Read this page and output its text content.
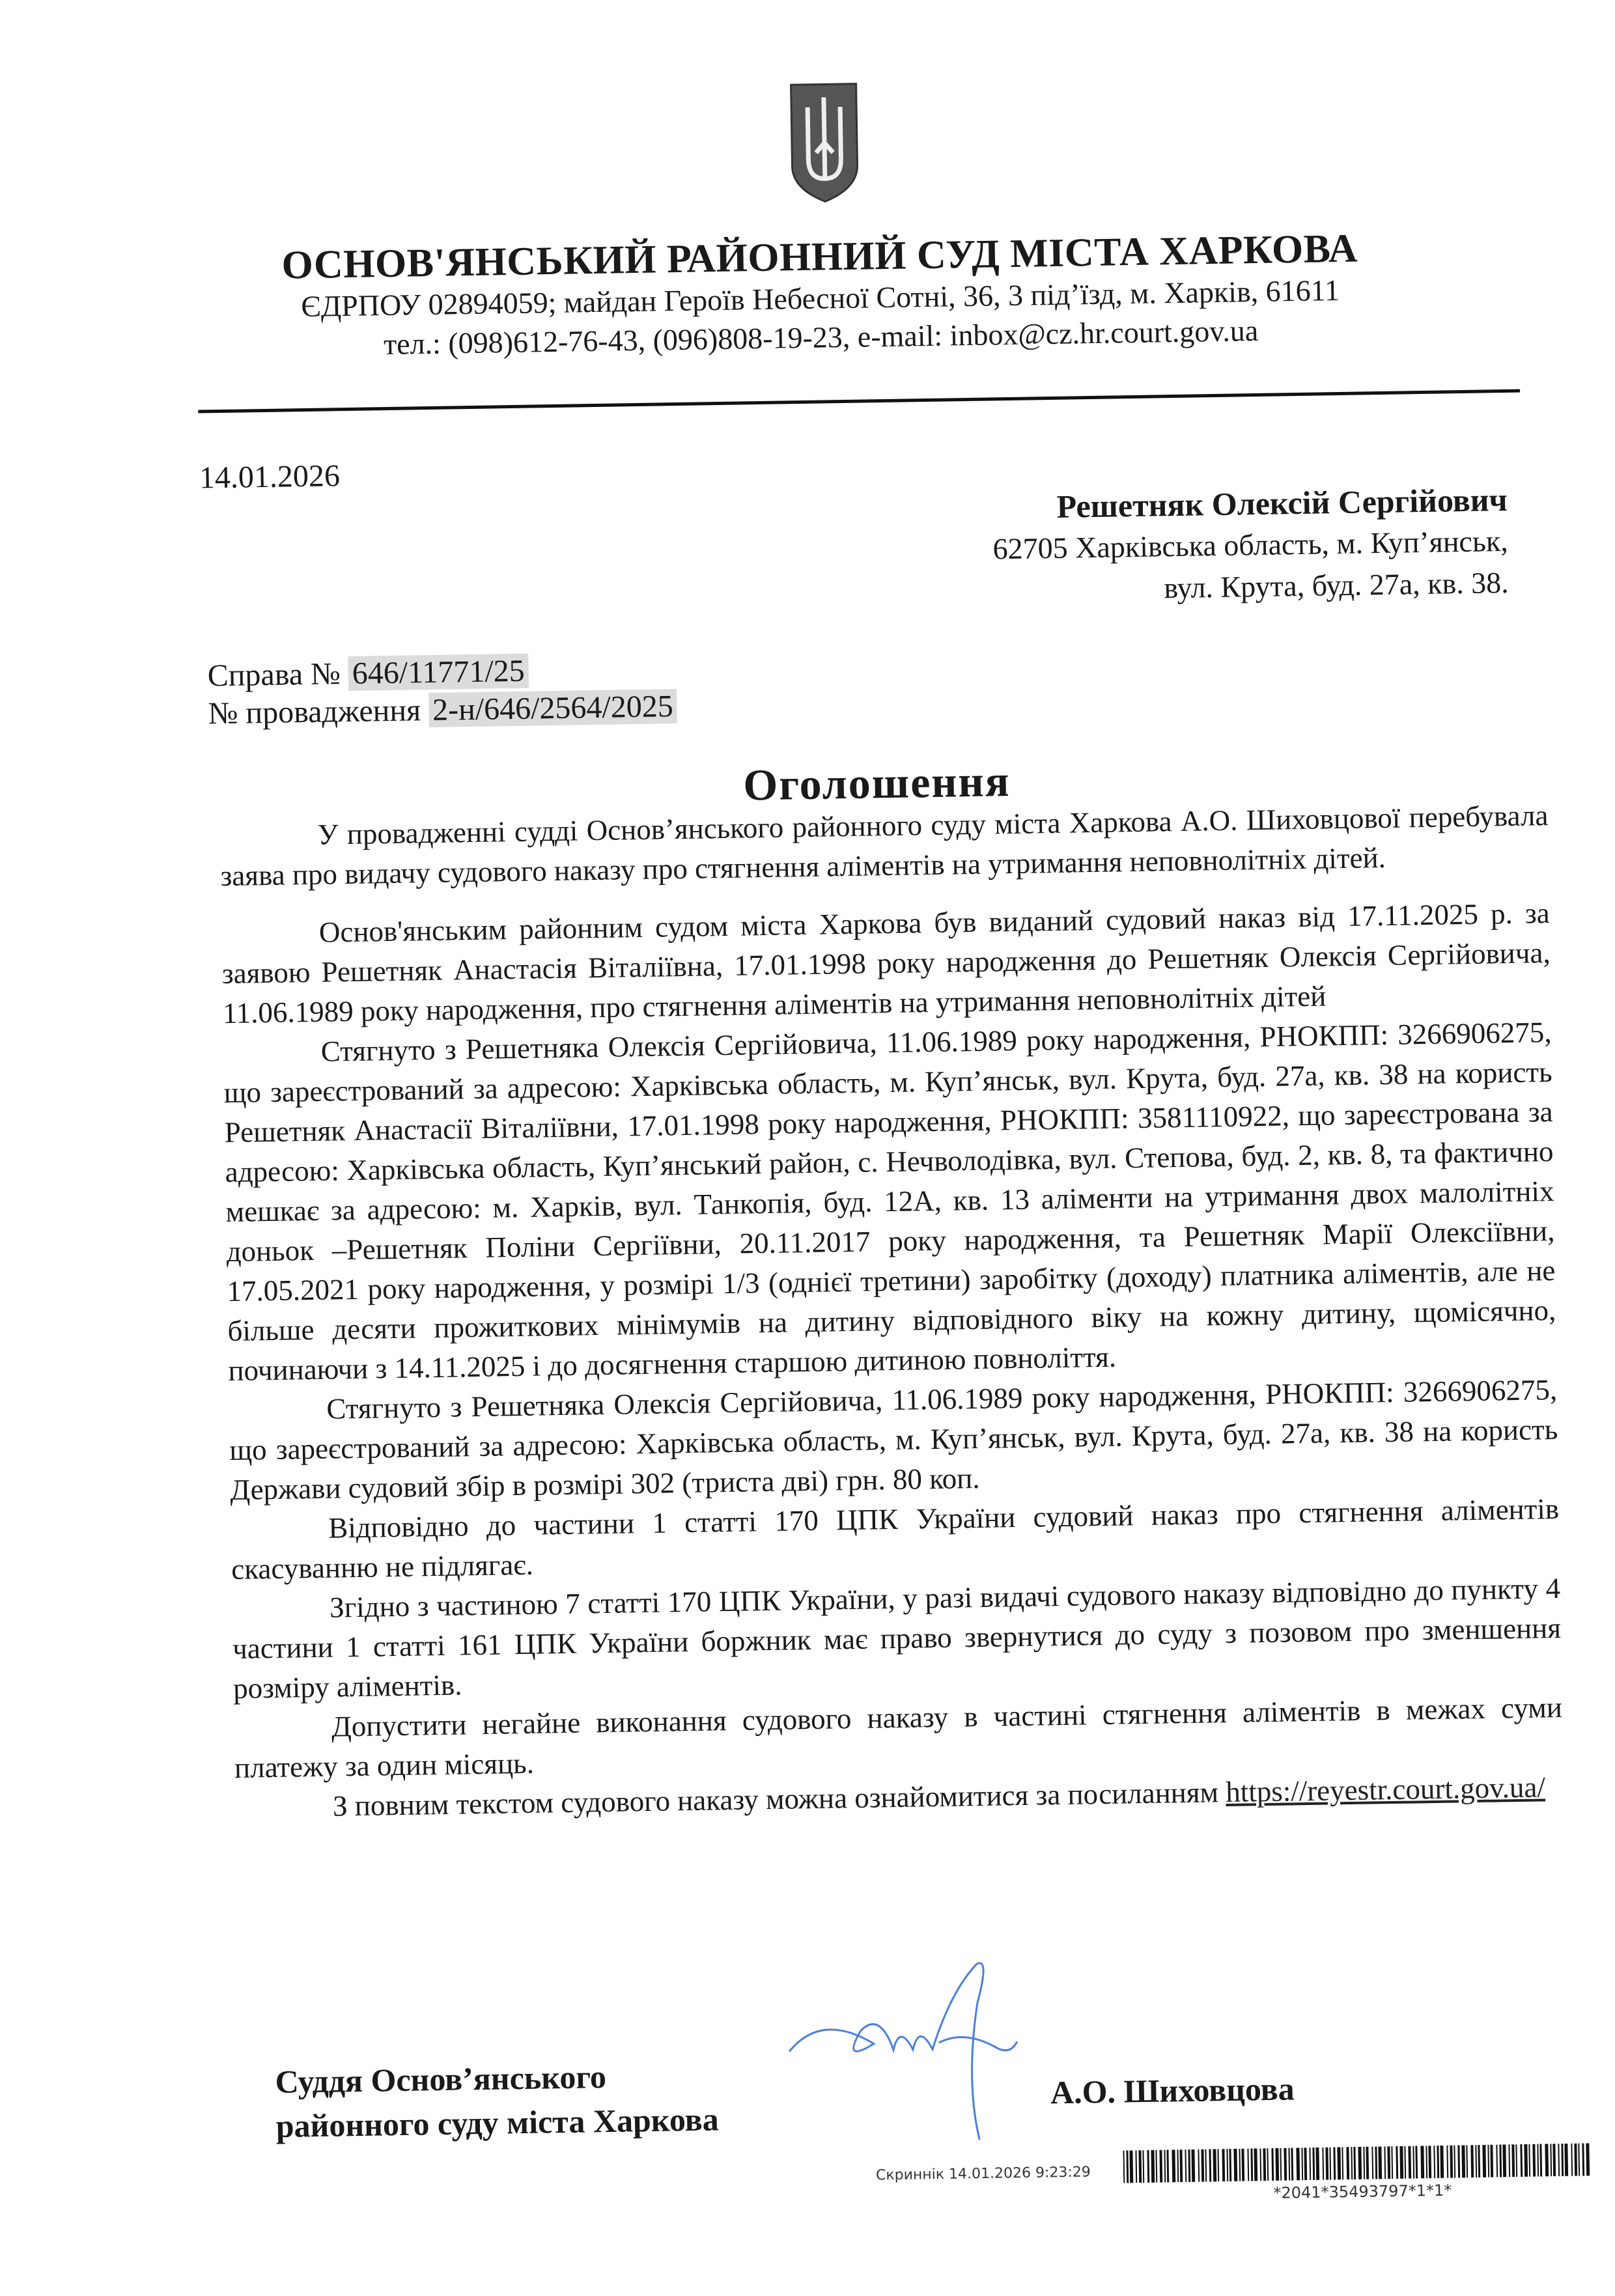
ОСНОВ'ЯНСЬКИЙ РАЙОННИЙ СУД МІСТА ХАРКОВА
ЄДРПОУ 02894059; майдан Героїв Небесної Сотні, 36, 3 під’їзд, м. Харків, 61611
тел.: (098)612-76-43, (096)808-19-23, e-mail: inbox@cz.hr.court.gov.ua
14.01.2026
Решетняк Олексій Сергійович
62705 Харківська область, м. Куп’янськ,
вул. Крута, буд. 27а, кв. 38.
Справа № 646/11771/25
№ провадження 2-н/646/2564/2025
Оголошення

У провадженні судді Основ’янського районного суду міста Харкова А.О. Шиховцової перебувала заява про видачу судового наказу про стягнення аліментів на утримання неповнолітніх дітей.

Основ'янським районним судом міста Харкова був виданий судовий наказ від 17.11.2025 р. за заявою Решетняк Анастасія Віталіївна, 17.01.1998 року народження до Решетняк Олексія Сергійовича, 11.06.1989 року народження, про стягнення аліментів на утримання неповнолітніх дітей

Стягнуто з Решетняка Олексія Сергійовича, 11.06.1989 року народження, РНОКПП: 3266906275, що зареєстрований за адресою: Харківська область, м. Куп’янськ, вул. Крута, буд. 27а, кв. 38 на користь Решетняк Анастасії Віталіївни, 17.01.1998 року народження, РНОКПП: 3581110922, що зареєстрована за адресою: Харківська область, Куп’янський район, с. Нечволодівка, вул. Степова, буд. 2, кв. 8, та фактично мешкає за адресою: м. Харків, вул. Танкопія, буд. 12А, кв. 13 аліменти на утримання двох малолітніх доньок –Решетняк Поліни Сергіївни, 20.11.2017 року народження, та Решетняк Марії Олексіївни, 17.05.2021 року народження, у розмірі 1/3 (однієї третини) заробітку (доходу) платника аліментів, але не більше десяти прожиткових мінімумів на дитину відповідного віку на кожну дитину, щомісячно, починаючи з 14.11.2025 і до досягнення старшою дитиною повноліття.

Стягнуто з Решетняка Олексія Сергійовича, 11.06.1989 року народження, РНОКПП: 3266906275, що зареєстрований за адресою: Харківська область, м. Куп’янськ, вул. Крута, буд. 27а, кв. 38 на користь Держави судовий збір в розмірі 302 (триста дві) грн. 80 коп.

Відповідно до частини 1 статті 170 ЦПК України судовий наказ про стягнення аліментів скасуванню не підлягає.

Згідно з частиною 7 статті 170 ЦПК України, у разі видачі судового наказу відповідно до пункту 4 частини 1 статті 161 ЦПК України боржник має право звернутися до суду з позовом про зменшення розміру аліментів.

Допустити негайне виконання судового наказу в частині стягнення аліментів в межах суми платежу за один місяць.

З повним текстом судового наказу можна ознайомитися за посиланням https://reyestr.court.gov.ua/

Суддя Основ’янського
районного суду міста Харкова
А.О. Шиховцова
Скриннік 14.01.2026 9:23:29
*2041*35493797*1*1*
